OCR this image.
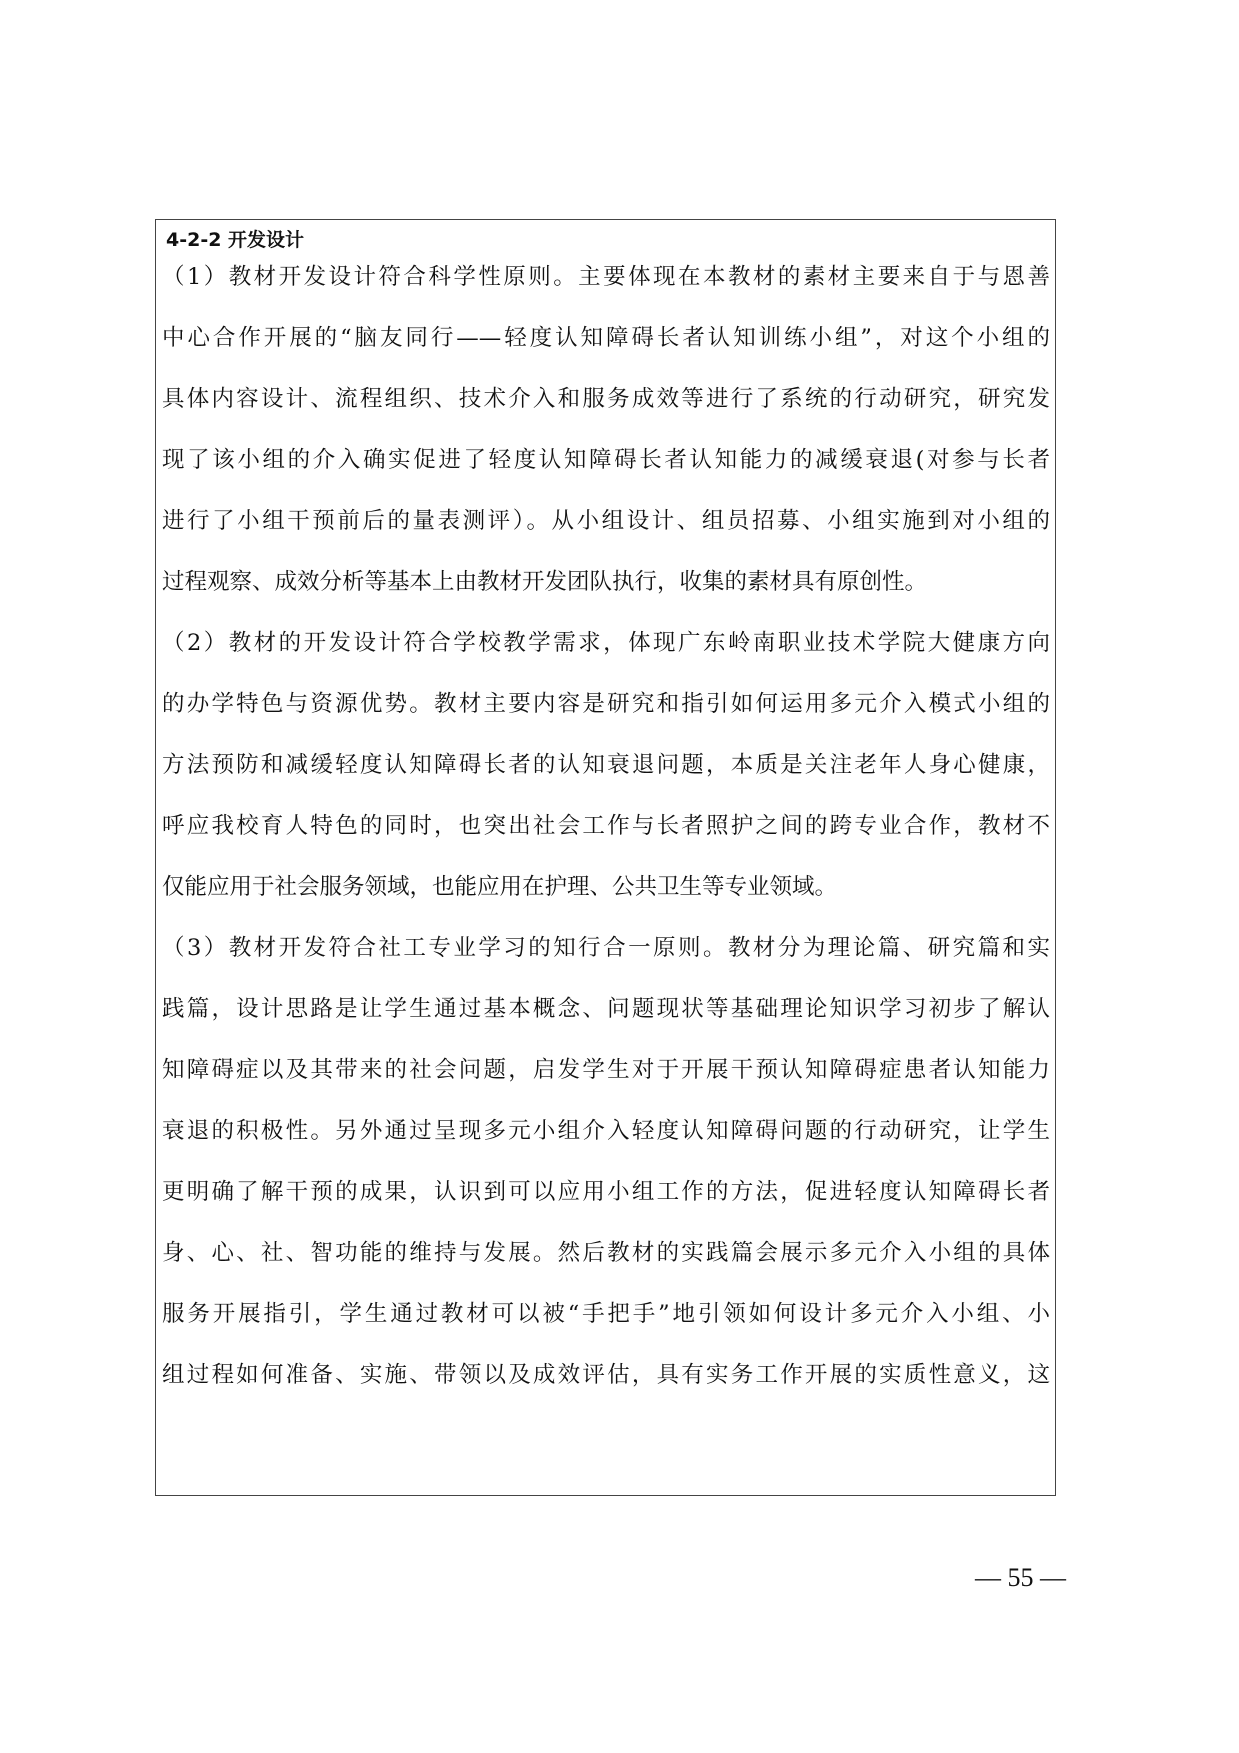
4-2-2 开发设计
（1）教材开发设计符合科学性原则。主要体现在本教材的素材主要来自于与恩善
中心合作开展的“脑友同行——轻度认知障碍长者认知训练小组”，对这个小组的
具体内容设计、流程组织、技术介入和服务成效等进行了系统的行动研究，研究发
现了该小组的介入确实促进了轻度认知障碍长者认知能力的减缓衰退(对参与长者
进行了小组干预前后的量表测评）。从小组设计、组员招募、小组实施到对小组的
过程观察、成效分析等基本上由教材开发团队执行，收集的素材具有原创性。
（2）教材的开发设计符合学校教学需求，体现广东岭南职业技术学院大健康方向
的办学特色与资源优势。教材主要内容是研究和指引如何运用多元介入模式小组的
方法预防和减缓轻度认知障碍长者的认知衰退问题，本质是关注老年人身心健康，
呼应我校育人特色的同时，也突出社会工作与长者照护之间的跨专业合作，教材不
仅能应用于社会服务领域，也能应用在护理、公共卫生等专业领域。
（3）教材开发符合社工专业学习的知行合一原则。教材分为理论篇、研究篇和实
践篇，设计思路是让学生通过基本概念、问题现状等基础理论知识学习初步了解认
知障碍症以及其带来的社会问题，启发学生对于开展干预认知障碍症患者认知能力
衰退的积极性。另外通过呈现多元小组介入轻度认知障碍问题的行动研究，让学生
更明确了解干预的成果，认识到可以应用小组工作的方法，促进轻度认知障碍长者
身、心、社、智功能的维持与发展。然后教材的实践篇会展示多元介入小组的具体
服务开展指引，学生通过教材可以被“手把手”地引领如何设计多元介入小组、小
组过程如何准备、实施、带领以及成效评估，具有实务工作开展的实质性意义，这
— 55 —
